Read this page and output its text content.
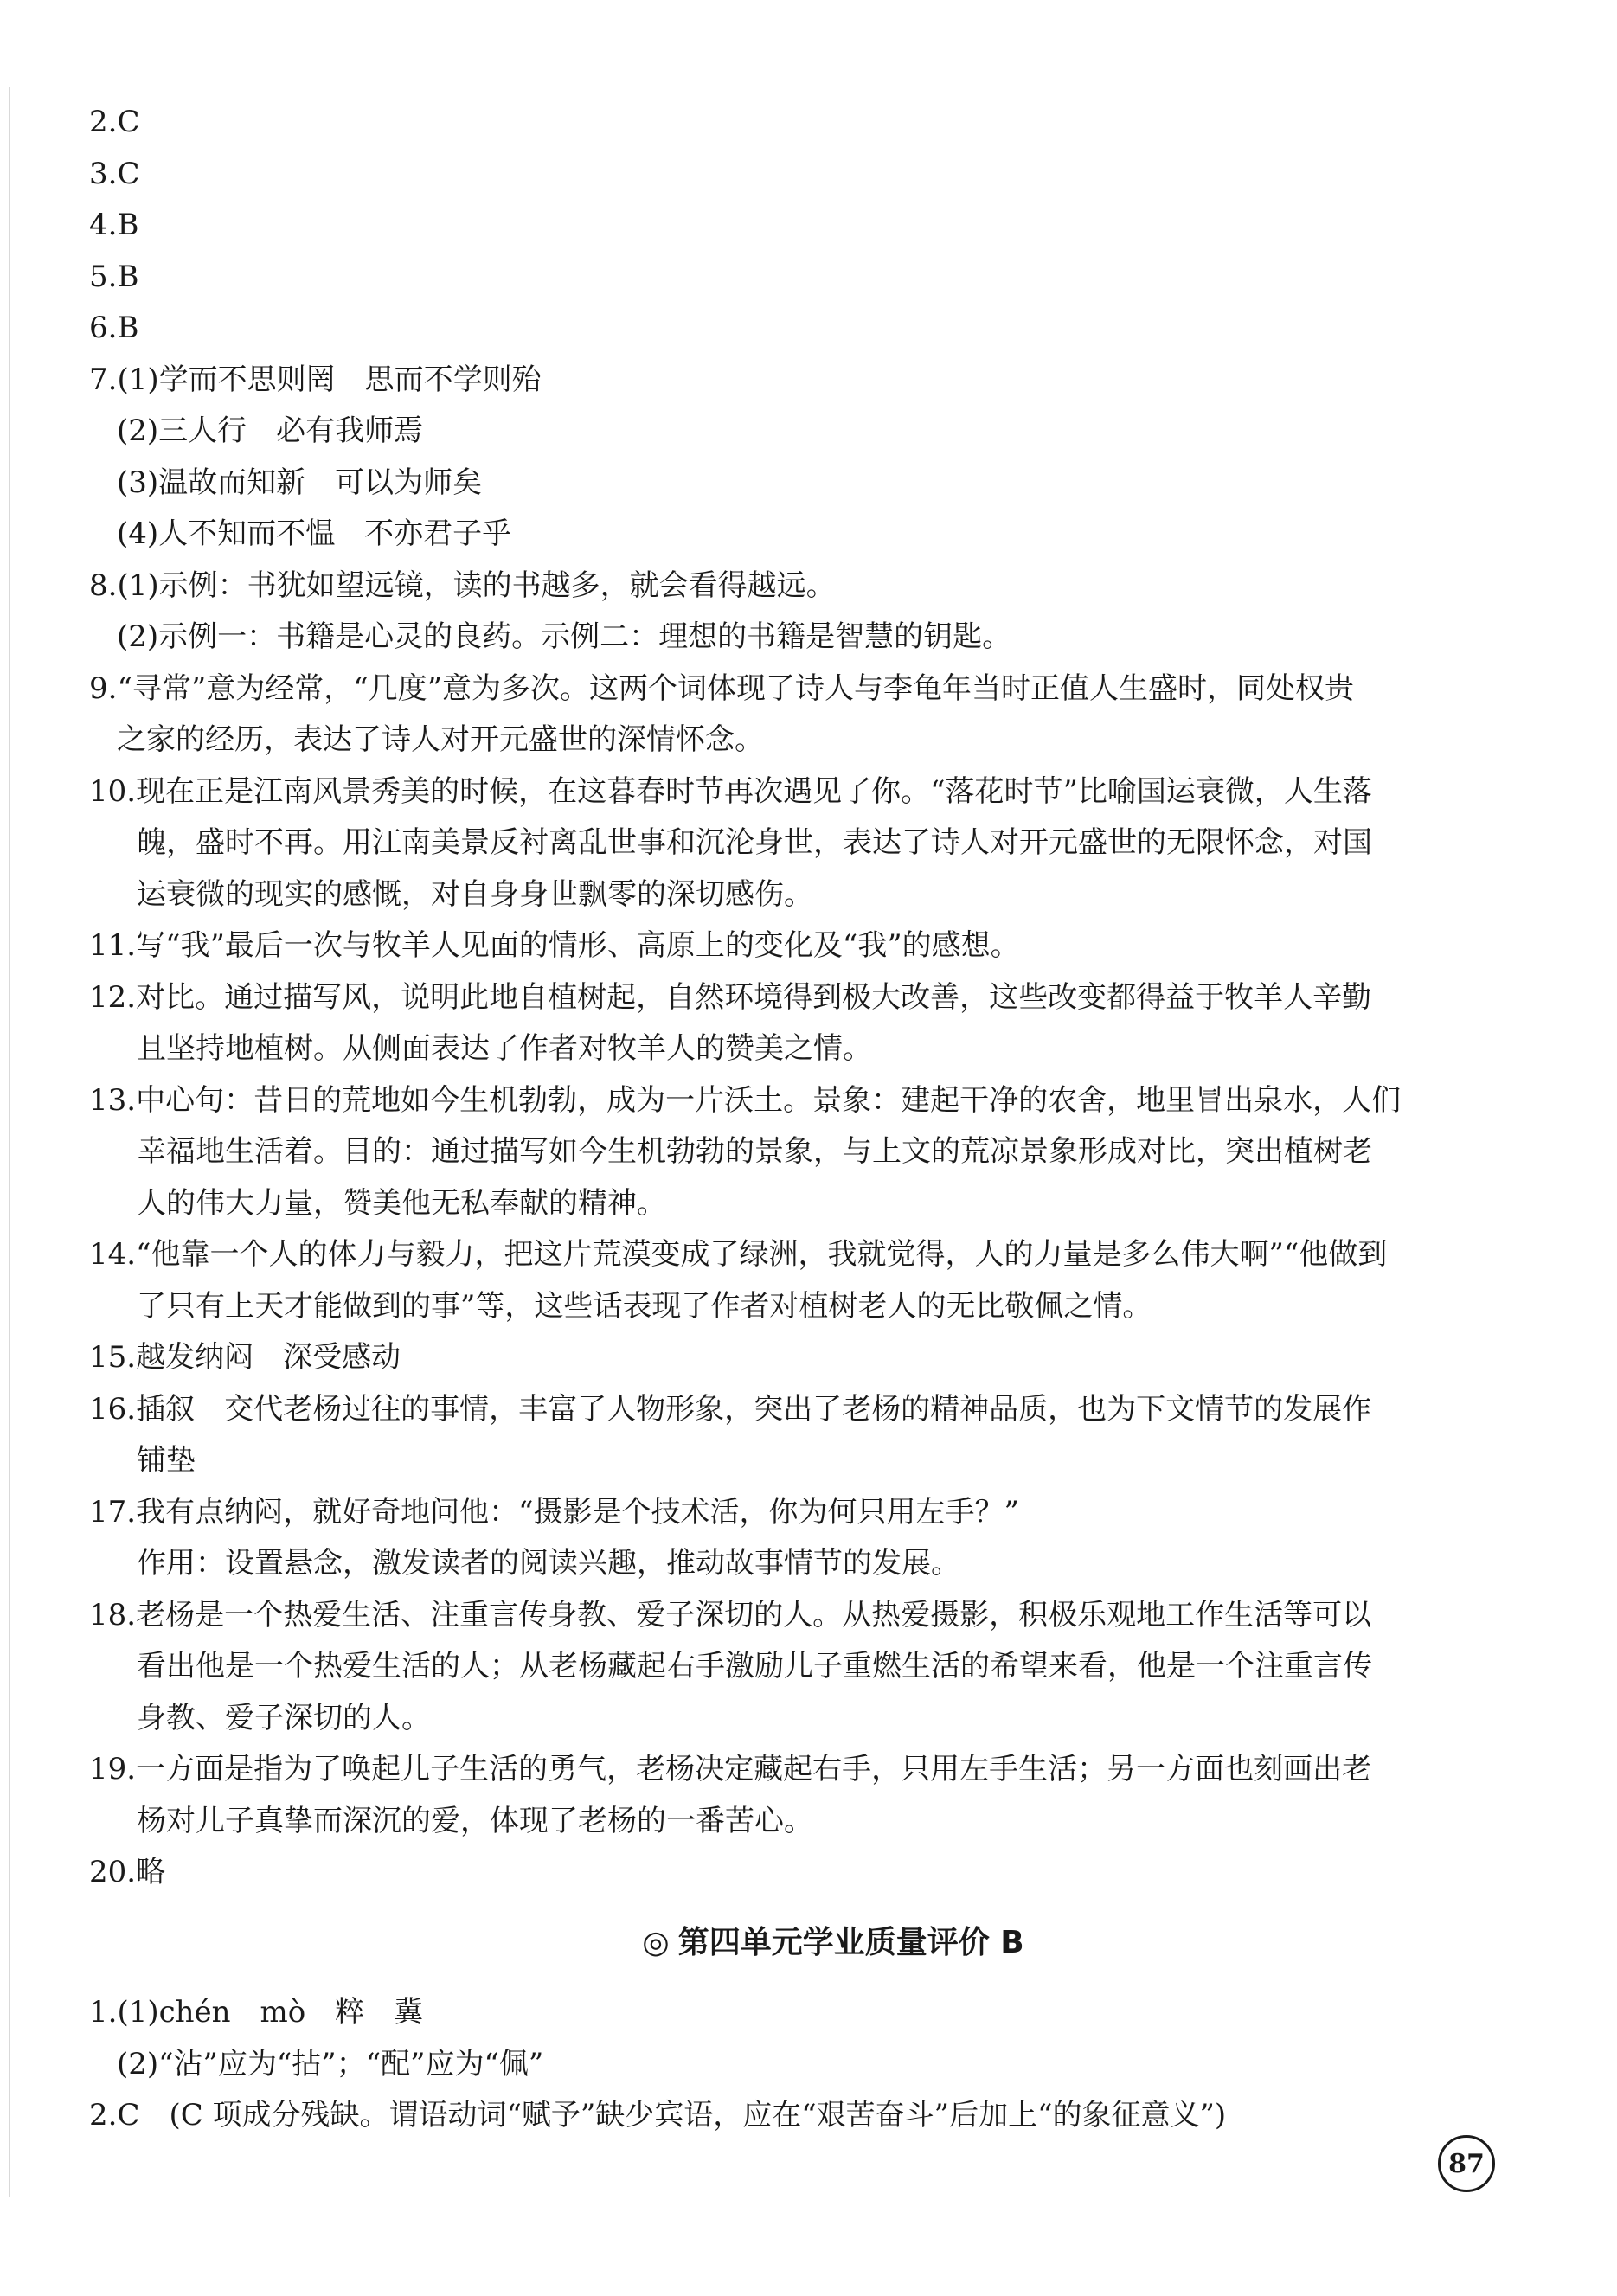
2.C
3.C
4.B
5.B
6.B
7.(1)学而不思则罔　思而不学则殆
(2)三人行　必有我师焉
(3)温故而知新　可以为师矣
(4)人不知而不愠　不亦君子乎
8.(1)示例：书犹如望远镜，读的书越多，就会看得越远。
(2)示例一：书籍是心灵的良药。示例二：理想的书籍是智慧的钥匙。
9.“寻常”意为经常，“几度”意为多次。这两个词体现了诗人与李龟年当时正值人生盛时，同处权贵
之家的经历，表达了诗人对开元盛世的深情怀念。
10.现在正是江南风景秀美的时候，在这暮春时节再次遇见了你。“落花时节”比喻国运衰微，人生落
魄，盛时不再。用江南美景反衬离乱世事和沉沦身世，表达了诗人对开元盛世的无限怀念，对国
运衰微的现实的感慨，对自身身世飘零的深切感伤。
11.写“我”最后一次与牧羊人见面的情形、高原上的变化及“我”的感想。
12.对比。通过描写风，说明此地自植树起，自然环境得到极大改善，这些改变都得益于牧羊人辛勤
且坚持地植树。从侧面表达了作者对牧羊人的赞美之情。
13.中心句：昔日的荒地如今生机勃勃，成为一片沃土。景象：建起干净的农舍，地里冒出泉水，人们
幸福地生活着。目的：通过描写如今生机勃勃的景象，与上文的荒凉景象形成对比，突出植树老
人的伟大力量，赞美他无私奉献的精神。
14.“他靠一个人的体力与毅力，把这片荒漠变成了绿洲，我就觉得，人的力量是多么伟大啊”“他做到
了只有上天才能做到的事”等，这些话表现了作者对植树老人的无比敬佩之情。
15.越发纳闷　深受感动
16.插叙　交代老杨过往的事情，丰富了人物形象，突出了老杨的精神品质，也为下文情节的发展作
铺垫
17.我有点纳闷，就好奇地问他：“摄影是个技术活，你为何只用左手？”
作用：设置悬念，激发读者的阅读兴趣，推动故事情节的发展。
18.老杨是一个热爱生活、注重言传身教、爱子深切的人。从热爱摄影，积极乐观地工作生活等可以
看出他是一个热爱生活的人；从老杨藏起右手激励儿子重燃生活的希望来看，他是一个注重言传
身教、爱子深切的人。
19.一方面是指为了唤起儿子生活的勇气，老杨决定藏起右手，只用左手生活；另一方面也刻画出老
杨对儿子真挚而深沉的爱，体现了老杨的一番苦心。
20.略
◎ 第四单元学业质量评价 B
1.(1)chén　mò　粹　冀
(2)“沾”应为“拈”；“配”应为“佩”
2.C　(C 项成分残缺。谓语动词“赋予”缺少宾语，应在“艰苦奋斗”后加上“的象征意义”)
87
